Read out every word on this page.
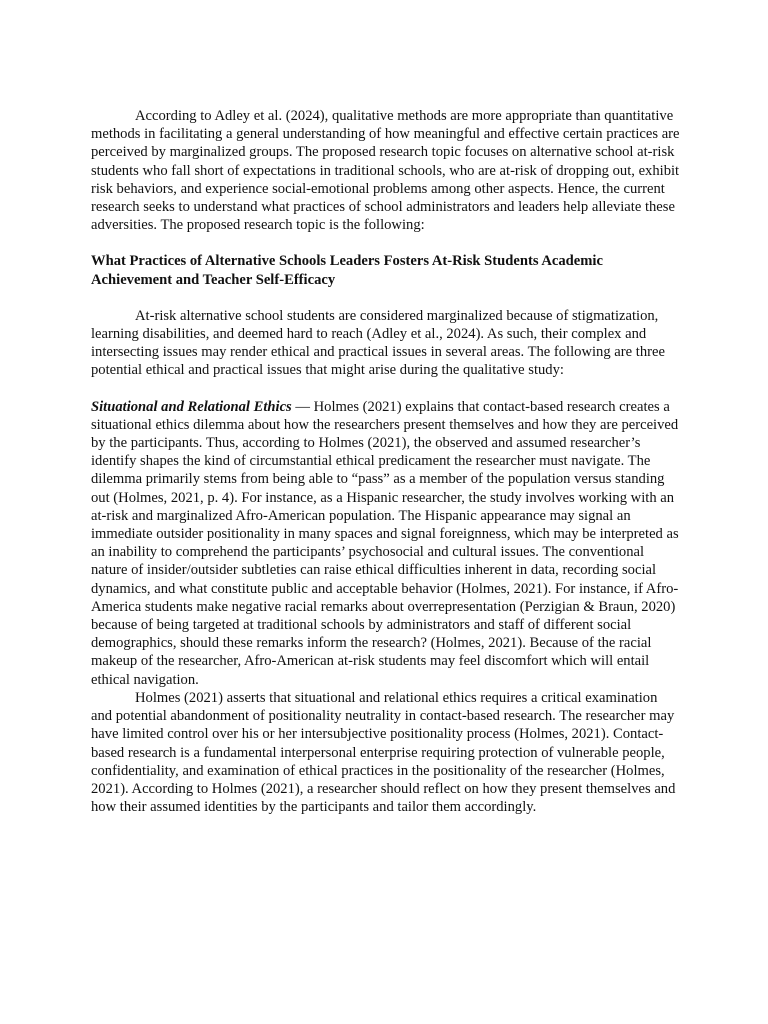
According to Adley et al. (2024), qualitative methods are more appropriate than quantitative methods in facilitating a general understanding of how meaningful and effective certain practices are perceived by marginalized groups. The proposed research topic focuses on alternative school at-risk students who fall short of expectations in traditional schools, who are at-risk of dropping out, exhibit risk behaviors, and experience social-emotional problems among other aspects. Hence, the current research seeks to understand what practices of school administrators and leaders help alleviate these adversities. The proposed research topic is the following:

What Practices of Alternative Schools Leaders Fosters At-Risk Students Academic Achievement and Teacher Self-Efficacy

At-risk alternative school students are considered marginalized because of stigmatization, learning disabilities, and deemed hard to reach (Adley et al., 2024). As such, their complex and intersecting issues may render ethical and practical issues in several areas. The following are three potential ethical and practical issues that might arise during the qualitative study:

Situational and Relational Ethics — Holmes (2021) explains that contact-based research creates a situational ethics dilemma about how the researchers present themselves and how they are perceived by the participants. Thus, according to Holmes (2021), the observed and assumed researcher’s identify shapes the kind of circumstantial ethical predicament the researcher must navigate. The dilemma primarily stems from being able to “pass” as a member of the population versus standing out (Holmes, 2021, p. 4). For instance, as a Hispanic researcher, the study involves working with an at-risk and marginalized Afro-American population. The Hispanic appearance may signal an immediate outsider positionality in many spaces and signal foreignness, which may be interpreted as an inability to comprehend the participants’ psychosocial and cultural issues. The conventional nature of insider/outsider subtleties can raise ethical difficulties inherent in data, recording social dynamics, and what constitute public and acceptable behavior (Holmes, 2021). For instance, if Afro-America students make negative racial remarks about overrepresentation (Perzigian & Braun, 2020) because of being targeted at traditional schools by administrators and staff of different social demographics, should these remarks inform the research? (Holmes, 2021). Because of the racial makeup of the researcher, Afro-American at-risk students may feel discomfort which will entail ethical navigation.

Holmes (2021) asserts that situational and relational ethics requires a critical examination and potential abandonment of positionality neutrality in contact-based research. The researcher may have limited control over his or her intersubjective positionality process (Holmes, 2021). Contact-based research is a fundamental interpersonal enterprise requiring protection of vulnerable people, confidentiality, and examination of ethical practices in the positionality of the researcher (Holmes, 2021). According to Holmes (2021), a researcher should reflect on how they present themselves and how their assumed identities by the participants and tailor them accordingly.
